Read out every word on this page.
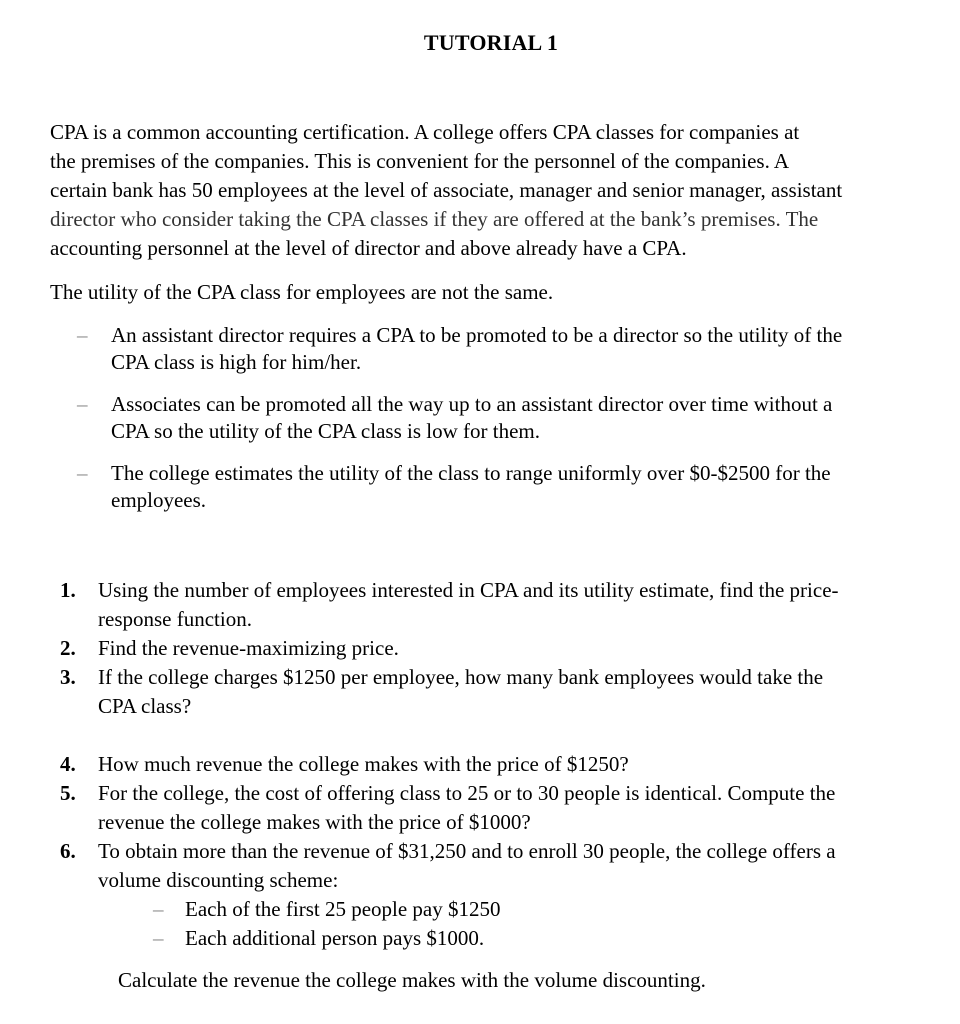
TUTORIAL 1
CPA is a common accounting certification. A college offers CPA classes for companies at
the premises of the companies. This is convenient for the personnel of the companies. A
certain bank has 50 employees at the level of associate, manager and senior manager, assistant
director who consider taking the CPA classes if they are offered at the bank’s premises. The
accounting personnel at the level of director and above already have a CPA.
The utility of the CPA class for employees are not the same.
– An assistant director requires a CPA to be promoted to be a director so the utility of the
CPA class is high for him/her.
– Associates can be promoted all the way up to an assistant director over time without a
CPA so the utility of the CPA class is low for them.
– The college estimates the utility of the class to range uniformly over $0-$2500 for the
employees.
1. Using the number of employees interested in CPA and its utility estimate, find the price-
response function.
2. Find the revenue-maximizing price.
3. If the college charges $1250 per employee, how many bank employees would take the
CPA class?
4. How much revenue the college makes with the price of $1250?
5. For the college, the cost of offering class to 25 or to 30 people is identical. Compute the
revenue the college makes with the price of $1000?
6. To obtain more than the revenue of $31,250 and to enroll 30 people, the college offers a
volume discounting scheme:
– Each of the first 25 people pay $1250
– Each additional person pays $1000.
Calculate the revenue the college makes with the volume discounting.
